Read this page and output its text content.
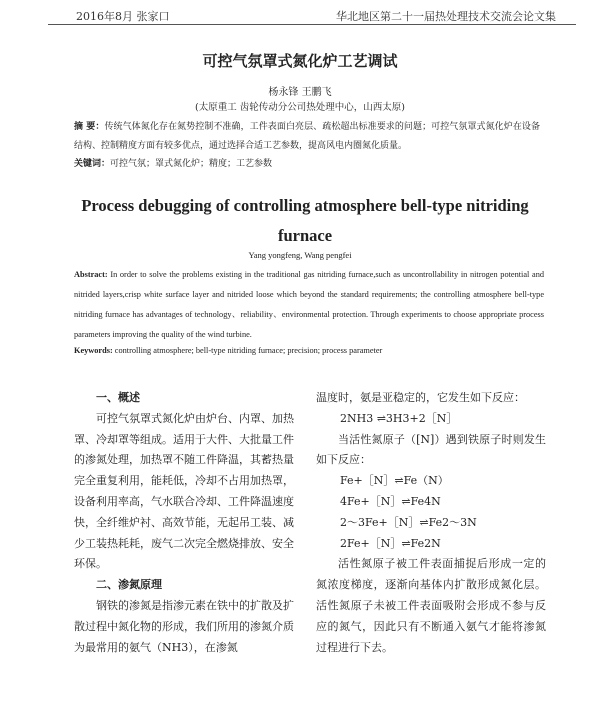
2016年8月 张家口	华北地区第二十一届热处理技术交流会论文集
可控气氛罩式氮化炉工艺调试
杨永锋 王鹏飞
(太原重工 齿轮传动分公司热处理中心，山西太原)
摘 要：传统气体氮化存在氮势控制不准确，工件表面白亮层、疏松超出标准要求的问题；可控气氛罩式氮化炉在设备结构、控制精度方面有较多优点，通过选择合适工艺参数，提高风电内圈氮化质量。
关键词：可控气氛；罩式氮化炉；精度；工艺参数
Process debugging of controlling atmosphere bell-type nitriding furnace
Yang yongfeng, Wang pengfei
Abstract: In order to solve the problems existing in the traditional gas nitriding furnace,such as uncontrollability in nitrogen potential and nitrided layers,crisp white surface layer and nitrided loose which beyond the standard requirements; the controlling atmosphere bell-type nitriding furnace has advantages of technology、reliability、environmental protection. Through experiments to choose appropriate process parameters improving the quality of the wind turbine.
Keywords: controlling atmosphere; bell-type nitriding furnace; precision; process parameter
一、概述

可控气氛罩式氮化炉由炉台、内罩、加热罩、冷却罩等组成。适用于大件、大批量工件的渗氮处理，加热罩不随工件降温，其蓄热量完全重复利用，能耗低，冷却不占用加热罩，设备利用率高，气水联合冷却、工件降温速度快，全纤维炉衬、高效节能，无起吊工装、减少工装热耗耗，废气二次完全燃烧排放、安全环保。

二、渗氮原理

钢铁的渗氮是指渗元素在铁中的扩散及扩散过程中氮化物的形成，我们所用的渗氮介质为最常用的氨气（NH3），在渗氮

温度时，氨是亚稳定的，它发生如下反应：

2NH3 ⇌3H3+2［N］

当活性氮原子（[N]）遇到铁原子时则发生如下反应：

Fe+［N］⇌Fe（N）

4Fe+［N］⇌Fe4N

2～3Fe+［N］⇌Fe2～3N

2Fe+［N］⇌Fe2N

活性氮原子被工件表面捕捉后形成一定的氮浓度梯度，逐渐向基体内扩散形成氮化层。活性氮原子未被工件表面吸附会形成不参与反应的氮气，因此只有不断通入氨气才能将渗氮过程进行下去。
